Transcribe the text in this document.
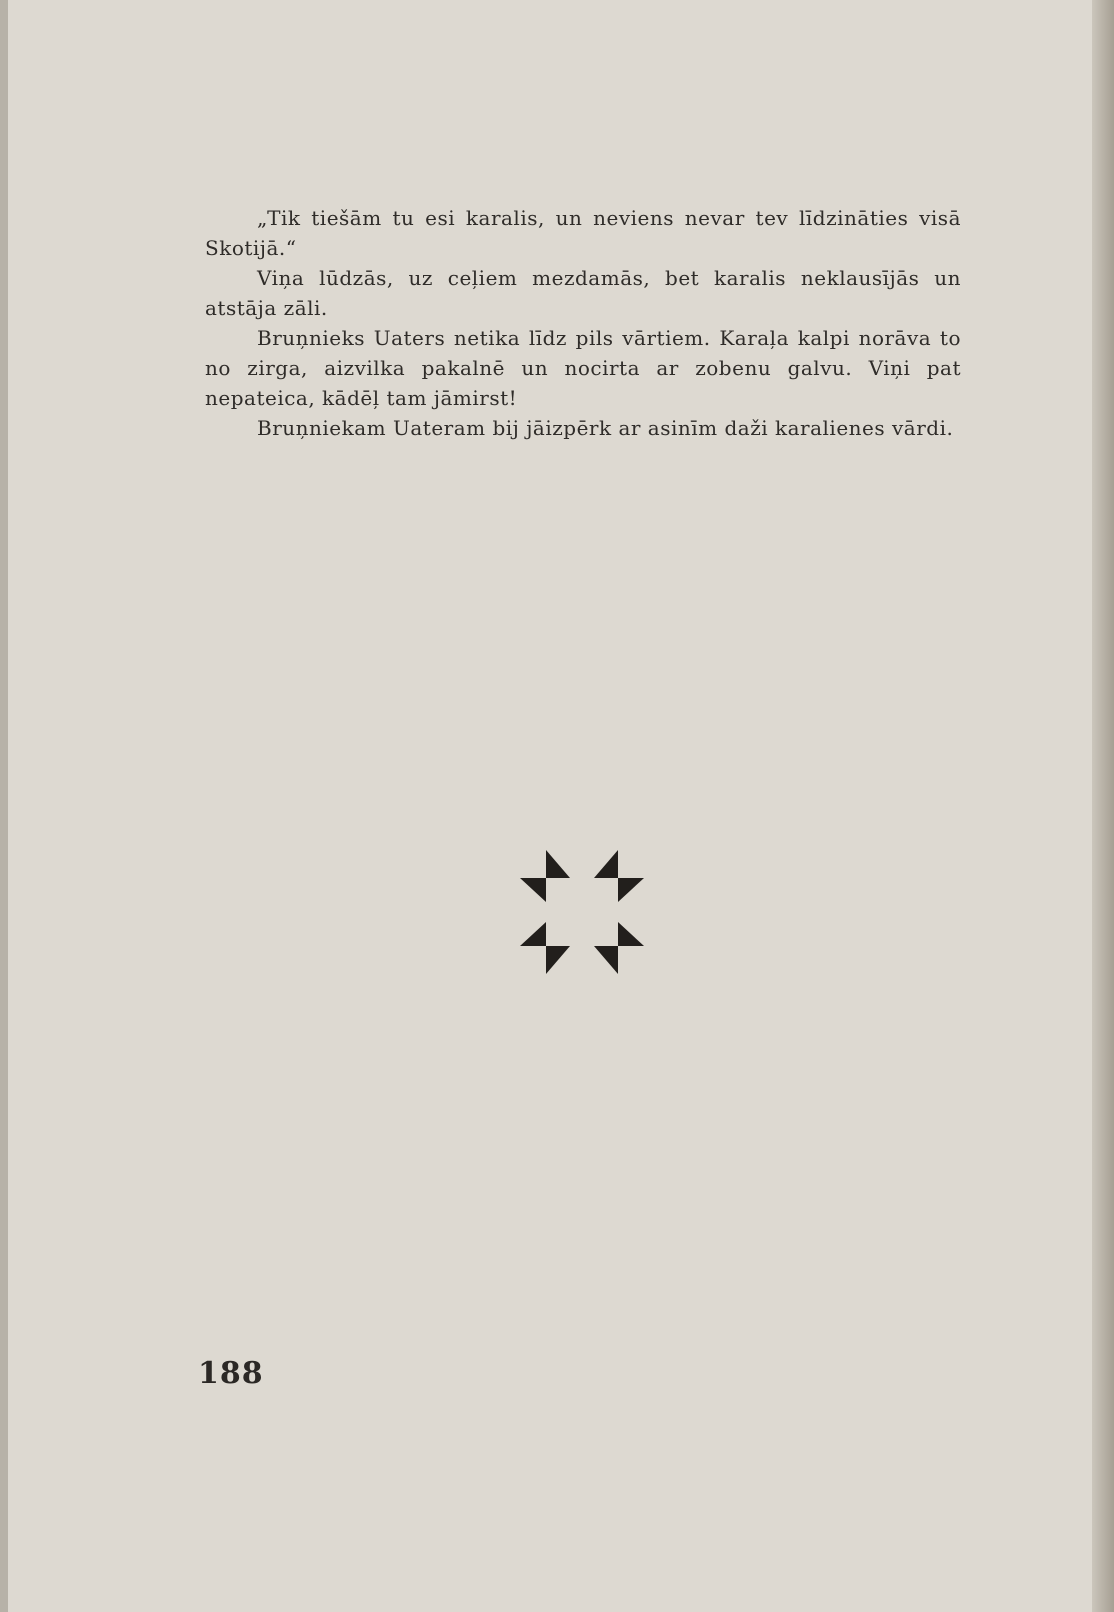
„Tik tiešām tu esi karalis, un neviens nevar tev līdzināties visā Skotijā.“

Viņa lūdzās, uz ceļiem mezdamās, bet karalis neklausījās un atstāja zāli.

Bruņnieks Uaters netika līdz pils vārtiem. Karaļa kalpi norāva to no zirga, aizvilka pakalnē un nocirta ar zobenu galvu. Viņi pat nepateica, kādēļ tam jāmirst!

Bruņniekam Uateram bij jāizpērk ar asinīm daži karalienes vārdi.

188
